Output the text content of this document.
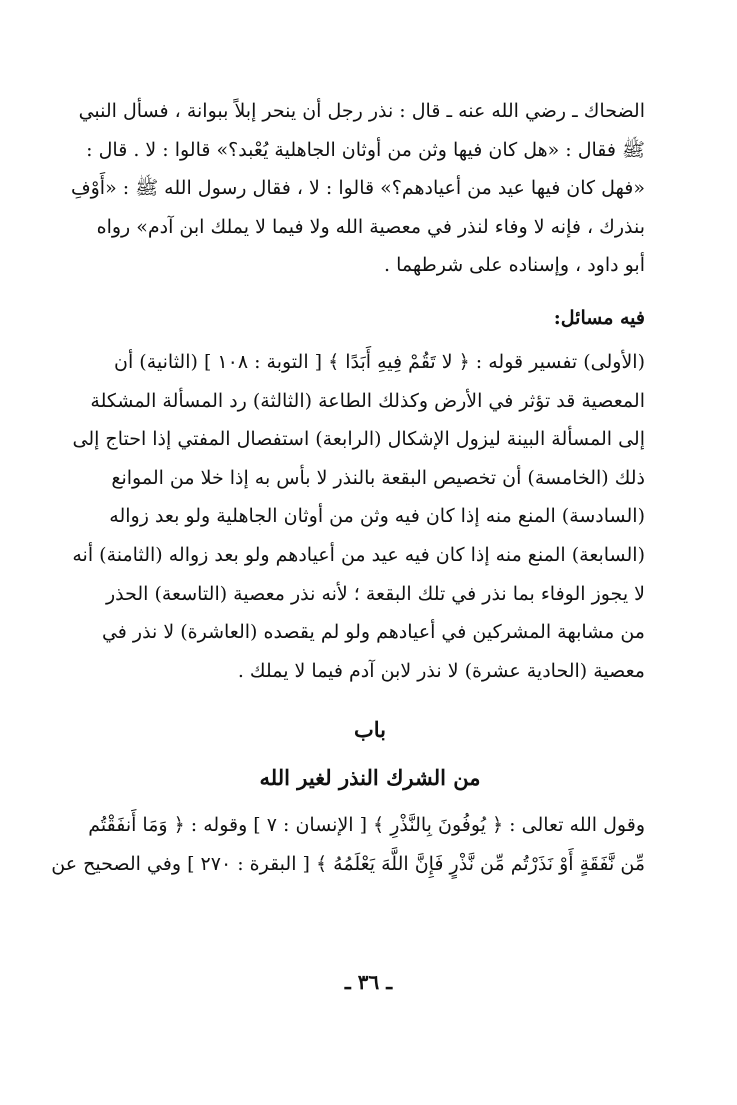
الضحاك ـ رضي الله عنه ـ قال : نذر رجل أن ينحر إبلاً ببوانة ، فسأل النبي
ﷺ فقال : «هل كان فيها وثن من أوثان الجاهلية يُعْبد؟» قالوا : لا . قال :
«فهل كان فيها عيد من أعيادهم؟» قالوا : لا ، فقال رسول الله ﷺ : «أَوْفِ
بنذرك ، فإنه لا وفاء لنذر في معصية الله ولا فيما لا يملك ابن آدم» رواه
أبو داود ، وإسناده على شرطهما .
فيه مسائل:
(الأولى) تفسير قوله : ﴿ لا تَقُمْ فِيهِ أَبَدًا ﴾ [ التوبة : ١٠٨ ] (الثانية) أن
المعصية قد تؤثر في الأرض وكذلك الطاعة (الثالثة) رد المسألة المشكلة
إلى المسألة البينة ليزول الإشكال (الرابعة) استفصال المفتي إذا احتاج إلى
ذلك (الخامسة) أن تخصيص البقعة بالنذر لا بأس به إذا خلا من الموانع
(السادسة) المنع منه إذا كان فيه وثن من أوثان الجاهلية ولو بعد زواله
(السابعة) المنع منه إذا كان فيه عيد من أعيادهم ولو بعد زواله (الثامنة) أنه
لا يجوز الوفاء بما نذر في تلك البقعة ؛ لأنه نذر معصية (التاسعة) الحذر
من مشابهة المشركين في أعيادهم ولو لم يقصده (العاشرة) لا نذر في
معصية (الحادية عشرة) لا نذر لابن آدم فيما لا يملك .
باب
من الشرك النذر لغير الله
وقول الله تعالى : ﴿ يُوفُونَ بِالنَّذْرِ ﴾ [ الإنسان : ٧ ] وقوله : ﴿ وَمَا أَنفَقْتُم
مِّن نَّفَقَةٍ أَوْ نَذَرْتُم مِّن نَّذْرٍ فَإِنَّ اللَّهَ يَعْلَمُهُ ﴾ [ البقرة : ٢٧٠ ] وفي الصحيح عن
ـ ٣٦ ـ
